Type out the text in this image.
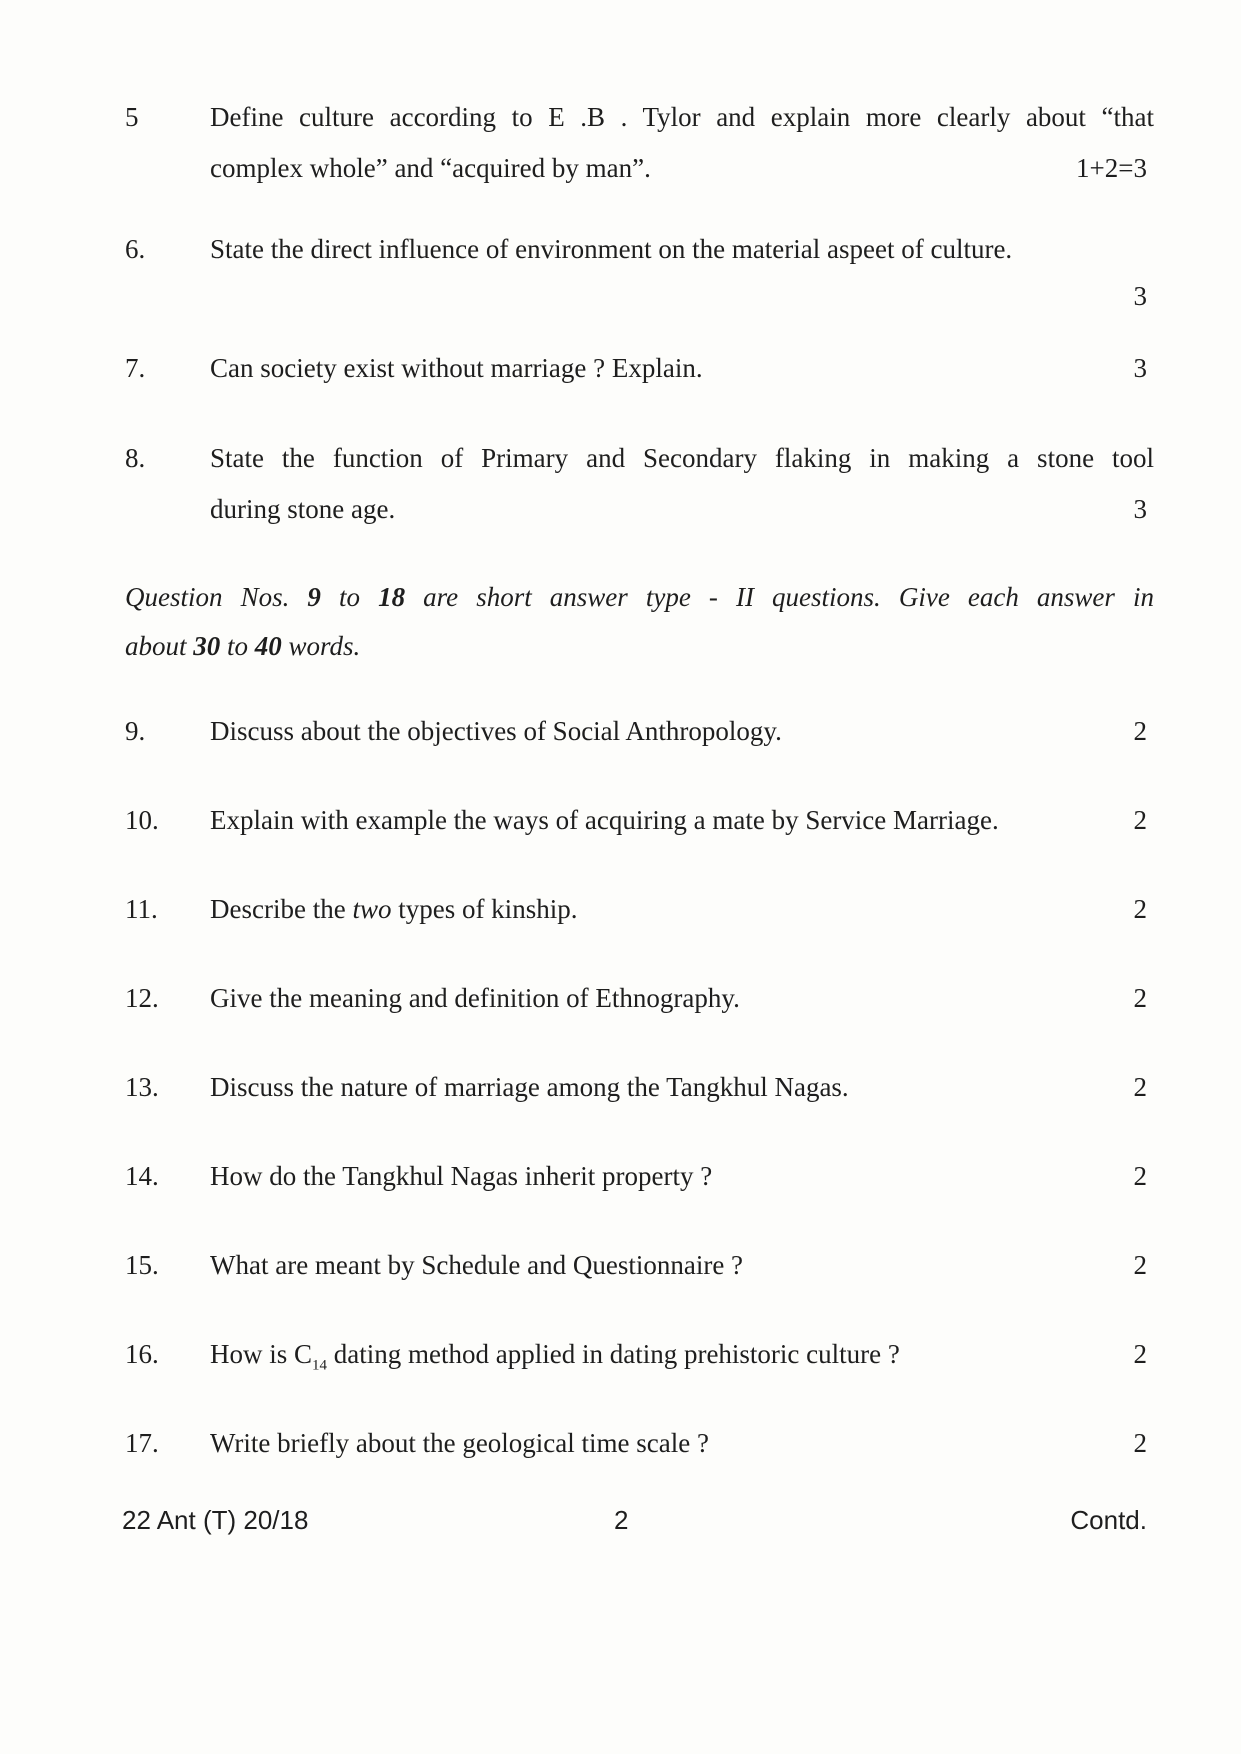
5	Define culture according to E .B . Tylor and explain more clearly about “that
complex whole” and “acquired by man”.	1+2=3
6. State the direct influence of environment on the material aspeet of culture.
3
7. Can society exist without marriage ? Explain.	3
8. State the function of Primary and Secondary flaking in making a stone tool
during stone age.	3
Question Nos. 9 to 18 are short answer type - II questions. Give each answer in
about 30 to 40 words.
9. Discuss about the objectives of Social Anthropology.	2
10. Explain with example the ways of acquiring a mate by Service Marriage.	2
11. Describe the two types of kinship.	2
12. Give the meaning and definition of Ethnography.	2
13. Discuss the nature of marriage among the Tangkhul Nagas.	2
14. How do the Tangkhul Nagas inherit property ?	2
15. What are meant by Schedule and Questionnaire ?	2
16. How is $C_{14}$ dating method applied in dating prehistoric culture ?	2
17. Write briefly about the geological time scale ?	2
22 Ant (T) 20/18	2	Contd.
